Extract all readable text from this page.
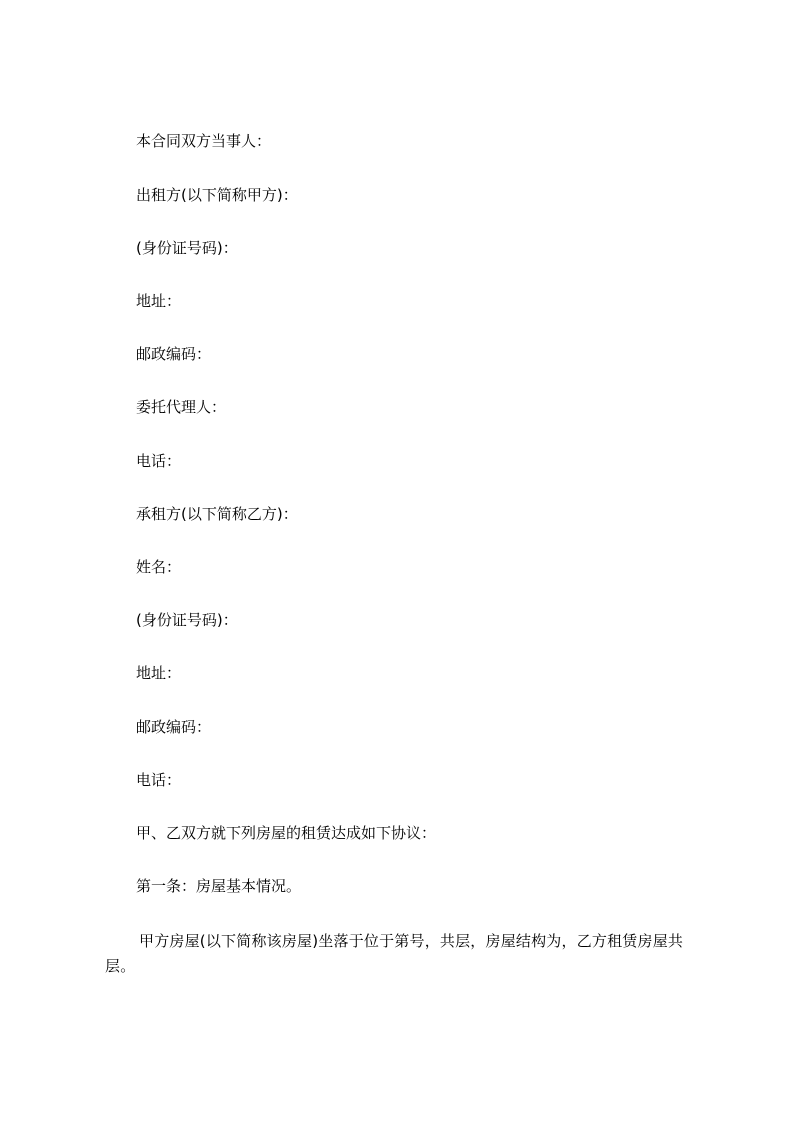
本合同双方当事人：
出租方(以下简称甲方)：
(身份证号码)：
地址：
邮政编码：
委托代理人：
电话：
承租方(以下简称乙方)：
姓名：
(身份证号码)：
地址：
邮政编码：
电话：
甲、乙双方就下列房屋的租赁达成如下协议：
第一条：房屋基本情况。
甲方房屋(以下简称该房屋)坐落于位于第号，共层，房屋结构为，乙方租赁房屋共层。
